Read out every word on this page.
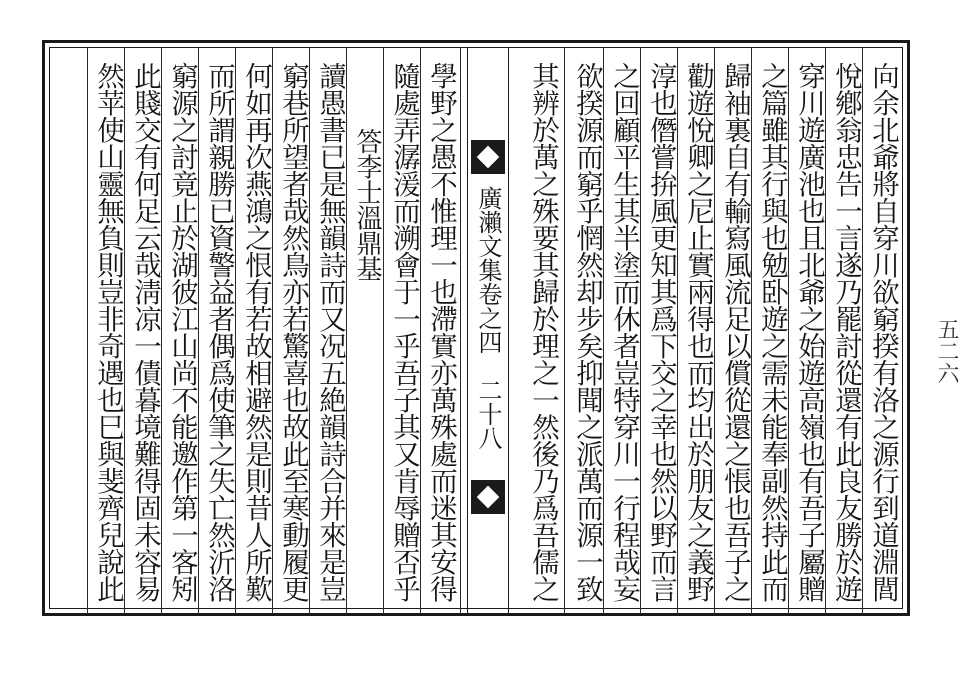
向余北爺將自穿川欲窮揆有洛之源行到道淵閭
悅鄕翁忠告一言遂乃罷討從還有此良友勝於遊
穿川遊廣池也且北爺之始遊高嶺也有吾子屬贈
之篇雖其行與也勉卧遊之需未能奉副然持此而
歸袖裏自有輸寫風流足以償從還之悵也吾子之
勸遊悅卿之尼止實兩得也而均出於朋友之義野
淳也僭嘗拚風更知其爲下交之幸也然以野而言
之回顧平生其半塗而休者豈特穿川一行程哉妄
欲揆源而窮乎惘然却步矣抑聞之派萬而源一致
其辨於萬之殊要其歸於理之一然後乃爲吾儒之
廣瀨文集卷之四　二十八
學野之愚不惟理一也滯實亦萬殊處而迷其安得
隨處弄潺湲而溯會于一乎吾子其又肯辱贈否乎
答李士溫鼎基
讀愚書已是無韻詩而又况五絶韻詩合并來是豈
窮巷所望者哉然鳥亦若驚喜也故此至寒動履更
何如再次燕鴻之恨有若故相避然是則昔人所歎
而所謂親勝已資警益者偶爲使筆之失亡然沂洛
窮源之討竟止於湖彼江山尚不能邀作第一客矧
此賤交有何足云哉淸凉一債暮境難得固未容易
然苹使山靈無負則豈非奇遇也巳與斐齊兒說此	五二六
